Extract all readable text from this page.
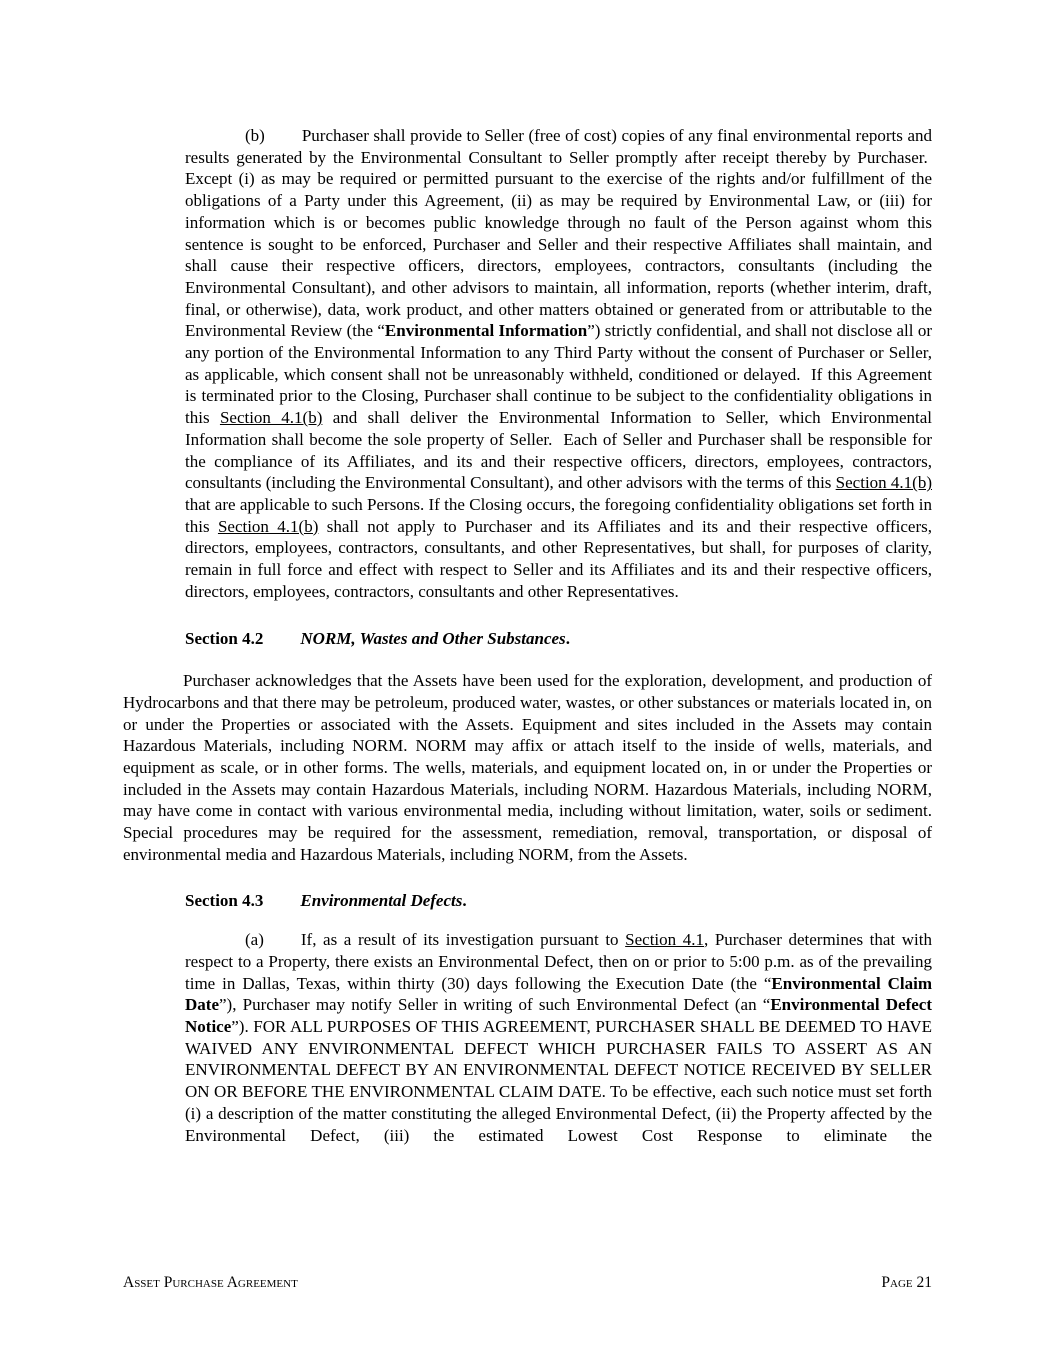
(b) Purchaser shall provide to Seller (free of cost) copies of any final environmental reports and results generated by the Environmental Consultant to Seller promptly after receipt thereby by Purchaser.  Except (i) as may be required or permitted pursuant to the exercise of the rights and/or fulfillment of the obligations of a Party under this Agreement, (ii) as may be required by Environmental Law, or (iii) for information which is or becomes public knowledge through no fault of the Person against whom this sentence is sought to be enforced, Purchaser and Seller and their respective Affiliates shall maintain, and shall cause their respective officers, directors, employees, contractors, consultants (including the Environmental Consultant), and other advisors to maintain, all information, reports (whether interim, draft, final, or otherwise), data, work product, and other matters obtained or generated from or attributable to the Environmental Review (the “Environmental Information”) strictly confidential, and shall not disclose all or any portion of the Environmental Information to any Third Party without the consent of Purchaser or Seller, as applicable, which consent shall not be unreasonably withheld, conditioned or delayed.  If this Agreement is terminated prior to the Closing, Purchaser shall continue to be subject to the confidentiality obligations in this Section 4.1(b) and shall deliver the Environmental Information to Seller, which Environmental Information shall become the sole property of Seller.  Each of Seller and Purchaser shall be responsible for the compliance of its Affiliates, and its and their respective officers, directors, employees, contractors, consultants (including the Environmental Consultant), and other advisors with the terms of this Section 4.1(b) that are applicable to such Persons. If the Closing occurs, the foregoing confidentiality obligations set forth in this Section 4.1(b) shall not apply to Purchaser and its Affiliates and its and their respective officers, directors, employees, contractors, consultants, and other Representatives, but shall, for purposes of clarity, remain in full force and effect with respect to Seller and its Affiliates and its and their respective officers, directors, employees, contractors, consultants and other Representatives.

Section 4.2 NORM, Wastes and Other Substances.

Purchaser acknowledges that the Assets have been used for the exploration, development, and production of Hydrocarbons and that there may be petroleum, produced water, wastes, or other substances or materials located in, on or under the Properties or associated with the Assets. Equipment and sites included in the Assets may contain Hazardous Materials, including NORM. NORM may affix or attach itself to the inside of wells, materials, and equipment as scale, or in other forms. The wells, materials, and equipment located on, in or under the Properties or included in the Assets may contain Hazardous Materials, including NORM. Hazardous Materials, including NORM, may have come in contact with various environmental media, including without limitation, water, soils or sediment. Special procedures may be required for the assessment, remediation, removal, transportation, or disposal of environmental media and Hazardous Materials, including NORM, from the Assets.

Section 4.3 Environmental Defects.

(a) If, as a result of its investigation pursuant to Section 4.1, Purchaser determines that with respect to a Property, there exists an Environmental Defect, then on or prior to 5:00 p.m. as of the prevailing time in Dallas, Texas, within thirty (30) days following the Execution Date (the “Environmental Claim Date”), Purchaser may notify Seller in writing of such Environmental Defect (an “Environmental Defect Notice”). FOR ALL PURPOSES OF THIS AGREEMENT, PURCHASER SHALL BE DEEMED TO HAVE WAIVED ANY ENVIRONMENTAL DEFECT WHICH PURCHASER FAILS TO ASSERT AS AN ENVIRONMENTAL DEFECT BY AN ENVIRONMENTAL DEFECT NOTICE RECEIVED BY SELLER ON OR BEFORE THE ENVIRONMENTAL CLAIM DATE. To be effective, each such notice must set forth (i) a description of the matter constituting the alleged Environmental Defect, (ii) the Property affected by the Environmental Defect, (iii) the estimated Lowest Cost Response to eliminate the

Asset Purchase Agreement	Page 21
